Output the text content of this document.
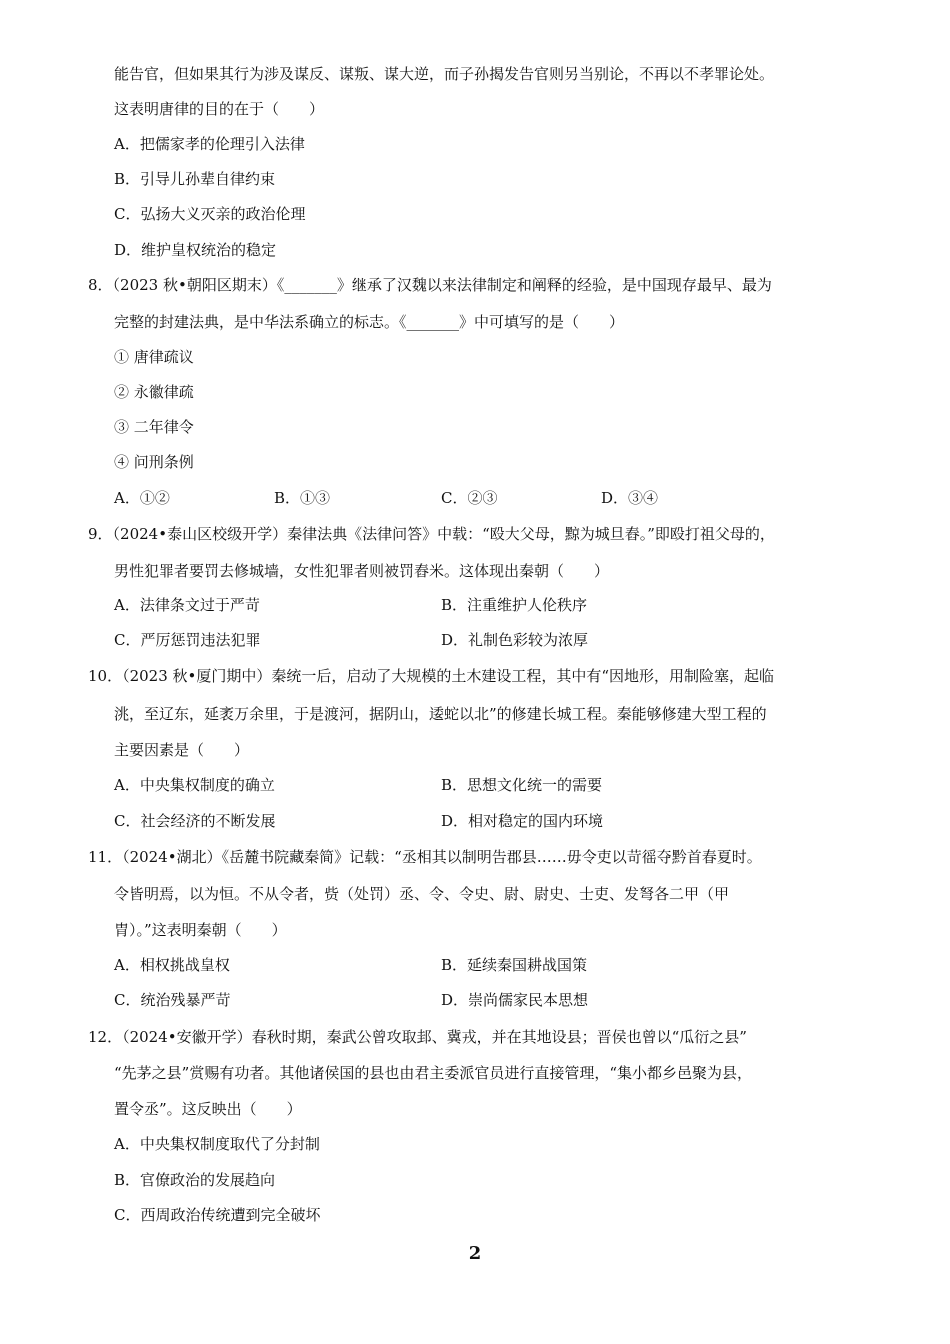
能告官，但如果其行为涉及谋反、谋叛、谋大逆，而子孙揭发告官则另当别论，不再以不孝罪论处。
这表明唐律的目的在于（　　）
A．把儒家孝的伦理引入法律
B．引导儿孙辈自律约束
C．弘扬大义灭亲的政治伦理
D．维护皇权统治的稳定
8．（2023 秋•朝阳区期末）《_______》继承了汉魏以来法律制定和阐释的经验，是中国现存最早、最为
完整的封建法典，是中华法系确立的标志。《_______》中可填写的是（　　）
① 唐律疏议
② 永徽律疏
③ 二年律令
④ 问刑条例
A．①②	B．①③	C．②③	D．③④
9．（2024•泰山区校级开学）秦律法典《法律问答》中载：“殴大父母，黥为城旦舂。”即殴打祖父母的，
男性犯罪者要罚去修城墙，女性犯罪者则被罚舂米。这体现出秦朝（　　）
A．法律条文过于严苛	B．注重维护人伦秩序
C．严厉惩罚违法犯罪	D．礼制色彩较为浓厚
10．（2023 秋•厦门期中）秦统一后，启动了大规模的土木建设工程，其中有“因地形，用制险塞，起临
洮，至辽东，延袤万余里，于是渡河，据阴山，逶蛇以北”的修建长城工程。秦能够修建大型工程的
主要因素是（　　）
A．中央集权制度的确立	B．思想文化统一的需要
C．社会经济的不断发展	D．相对稳定的国内环境
11．（2024•湖北）《岳麓书院藏秦简》记载：“丞相其以制明告郡县……毋令吏以苛徭夺黔首春夏时。
令皆明焉，以为恒。不从令者，赀（处罚）丞、令、令史、尉、尉史、士吏、发弩各二甲（甲
胄）。”这表明秦朝（　　）
A．相权挑战皇权	B．延续秦国耕战国策
C．统治残暴严苛	D．崇尚儒家民本思想
12．（2024•安徽开学）春秋时期，秦武公曾攻取邽、冀戎，并在其地设县；晋侯也曾以“瓜衍之县”
“先茅之县”赏赐有功者。其他诸侯国的县也由君主委派官员进行直接管理，“集小都乡邑聚为县，
置令丞”。这反映出（　　）
A．中央集权制度取代了分封制
B．官僚政治的发展趋向
C．西周政治传统遭到完全破坏
2
